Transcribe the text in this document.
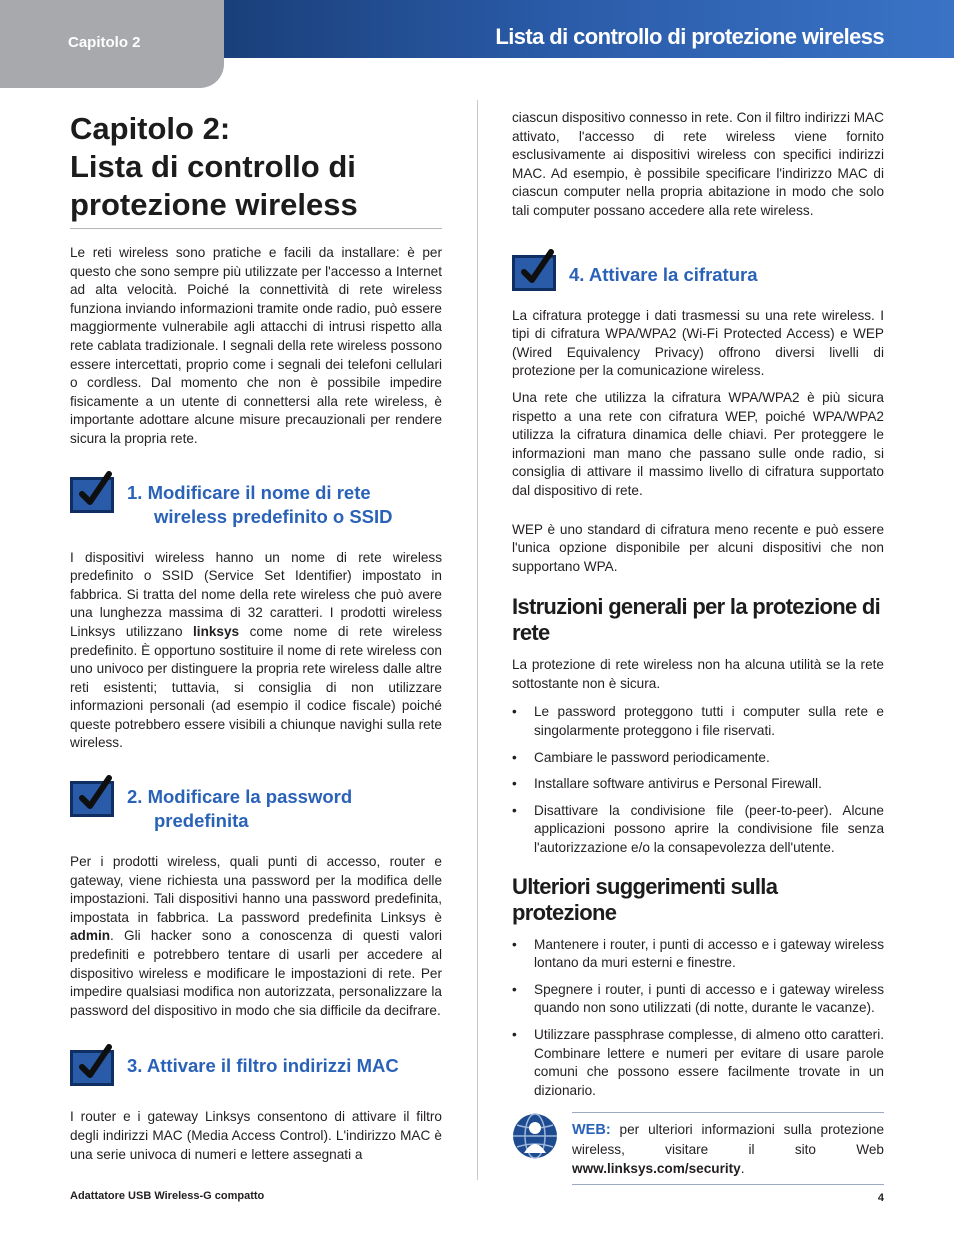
Capitolo 2	Lista di controllo di protezione wireless
Capitolo 2:
Lista di controllo di
protezione wireless

Le reti wireless sono pratiche e facili da installare: è per questo che sono sempre più utilizzate per l'accesso a Internet ad alta velocità. Poiché la connettività di rete wireless funziona inviando informazioni tramite onde radio, può essere maggiormente vulnerabile agli attacchi di intrusi rispetto alla rete cablata tradizionale. I segnali della rete wireless possono essere intercettati, proprio come i segnali dei telefoni cellulari o cordless. Dal momento che non è possibile impedire fisicamente a un utente di connettersi alla rete wireless, è importante adottare alcune misure precauzionali per rendere sicura la propria rete.

1. Modificare il nome di rete
wireless predefinito o SSID

I dispositivi wireless hanno un nome di rete wireless predefinito o SSID (Service Set Identifier) impostato in fabbrica. Si tratta del nome della rete wireless che può avere una lunghezza massima di 32 caratteri. I prodotti wireless Linksys utilizzano linksys come nome di rete wireless predefinito. È opportuno sostituire il nome di rete wireless con uno univoco per distinguere la propria rete wireless dalle altre reti esistenti; tuttavia, si consiglia di non utilizzare informazioni personali (ad esempio il codice fiscale) poiché queste potrebbero essere visibili a chiunque navighi sulla rete wireless.

2. Modificare la password
predefinita

Per i prodotti wireless, quali punti di accesso, router e gateway, viene richiesta una password per la modifica delle impostazioni. Tali dispositivi hanno una password predefinita, impostata in fabbrica. La password predefinita Linksys è admin. Gli hacker sono a conoscenza di questi valori predefiniti e potrebbero tentare di usarli per accedere al dispositivo wireless e modificare le impostazioni di rete. Per impedire qualsiasi modifica non autorizzata, personalizzare la password del dispositivo in modo che sia difficile da decifrare.

3. Attivare il filtro indirizzi MAC

I router e i gateway Linksys consentono di attivare il filtro degli indirizzi MAC (Media Access Control). L'indirizzo MAC è una serie univoca di numeri e lettere assegnati a

ciascun dispositivo connesso in rete. Con il filtro indirizzi MAC attivato, l'accesso di rete wireless viene fornito esclusivamente ai dispositivi wireless con specifici indirizzi MAC. Ad esempio, è possibile specificare l'indirizzo MAC di ciascun computer nella propria abitazione in modo che solo tali computer possano accedere alla rete wireless.

4. Attivare la cifratura

La cifratura protegge i dati trasmessi su una rete wireless. I tipi di cifratura WPA/WPA2 (Wi-Fi Protected Access) e WEP (Wired Equivalency Privacy) offrono diversi livelli di protezione per la comunicazione wireless.

Una rete che utilizza la cifratura WPA/WPA2 è più sicura rispetto a una rete con cifratura WEP, poiché WPA/WPA2 utilizza la cifratura dinamica delle chiavi. Per proteggere le informazioni man mano che passano sulle onde radio, si consiglia di attivare il massimo livello di cifratura supportato dal dispositivo di rete.

WEP è uno standard di cifratura meno recente e può essere l'unica opzione disponibile per alcuni dispositivi che non supportano WPA.

Istruzioni generali per la protezione di rete

La protezione di rete wireless non ha alcuna utilità se la rete sottostante non è sicura.

• Le password proteggono tutti i computer sulla rete e singolarmente proteggono i file riservati.
• Cambiare le password periodicamente.
• Installare software antivirus e Personal Firewall.
• Disattivare la condivisione file (peer-to-peer). Alcune applicazioni possono aprire la condivisione file senza l'autorizzazione e/o la consapevolezza dell'utente.
Ulteriori suggerimenti sulla protezione
• Mantenere i router, i punti di accesso e i gateway wireless lontano da muri esterni e finestre.
• Spegnere i router, i punti di accesso e i gateway wireless quando non sono utilizzati (di notte, durante le vacanze).
• Utilizzare passphrase complesse, di almeno otto caratteri. Combinare lettere e numeri per evitare di usare parole comuni che possono essere facilmente trovate in un dizionario.
WEB: per ulteriori informazioni sulla protezione wireless, visitare il sito Web www.linksys.com/security.
Adattatore USB Wireless-G compatto	4
